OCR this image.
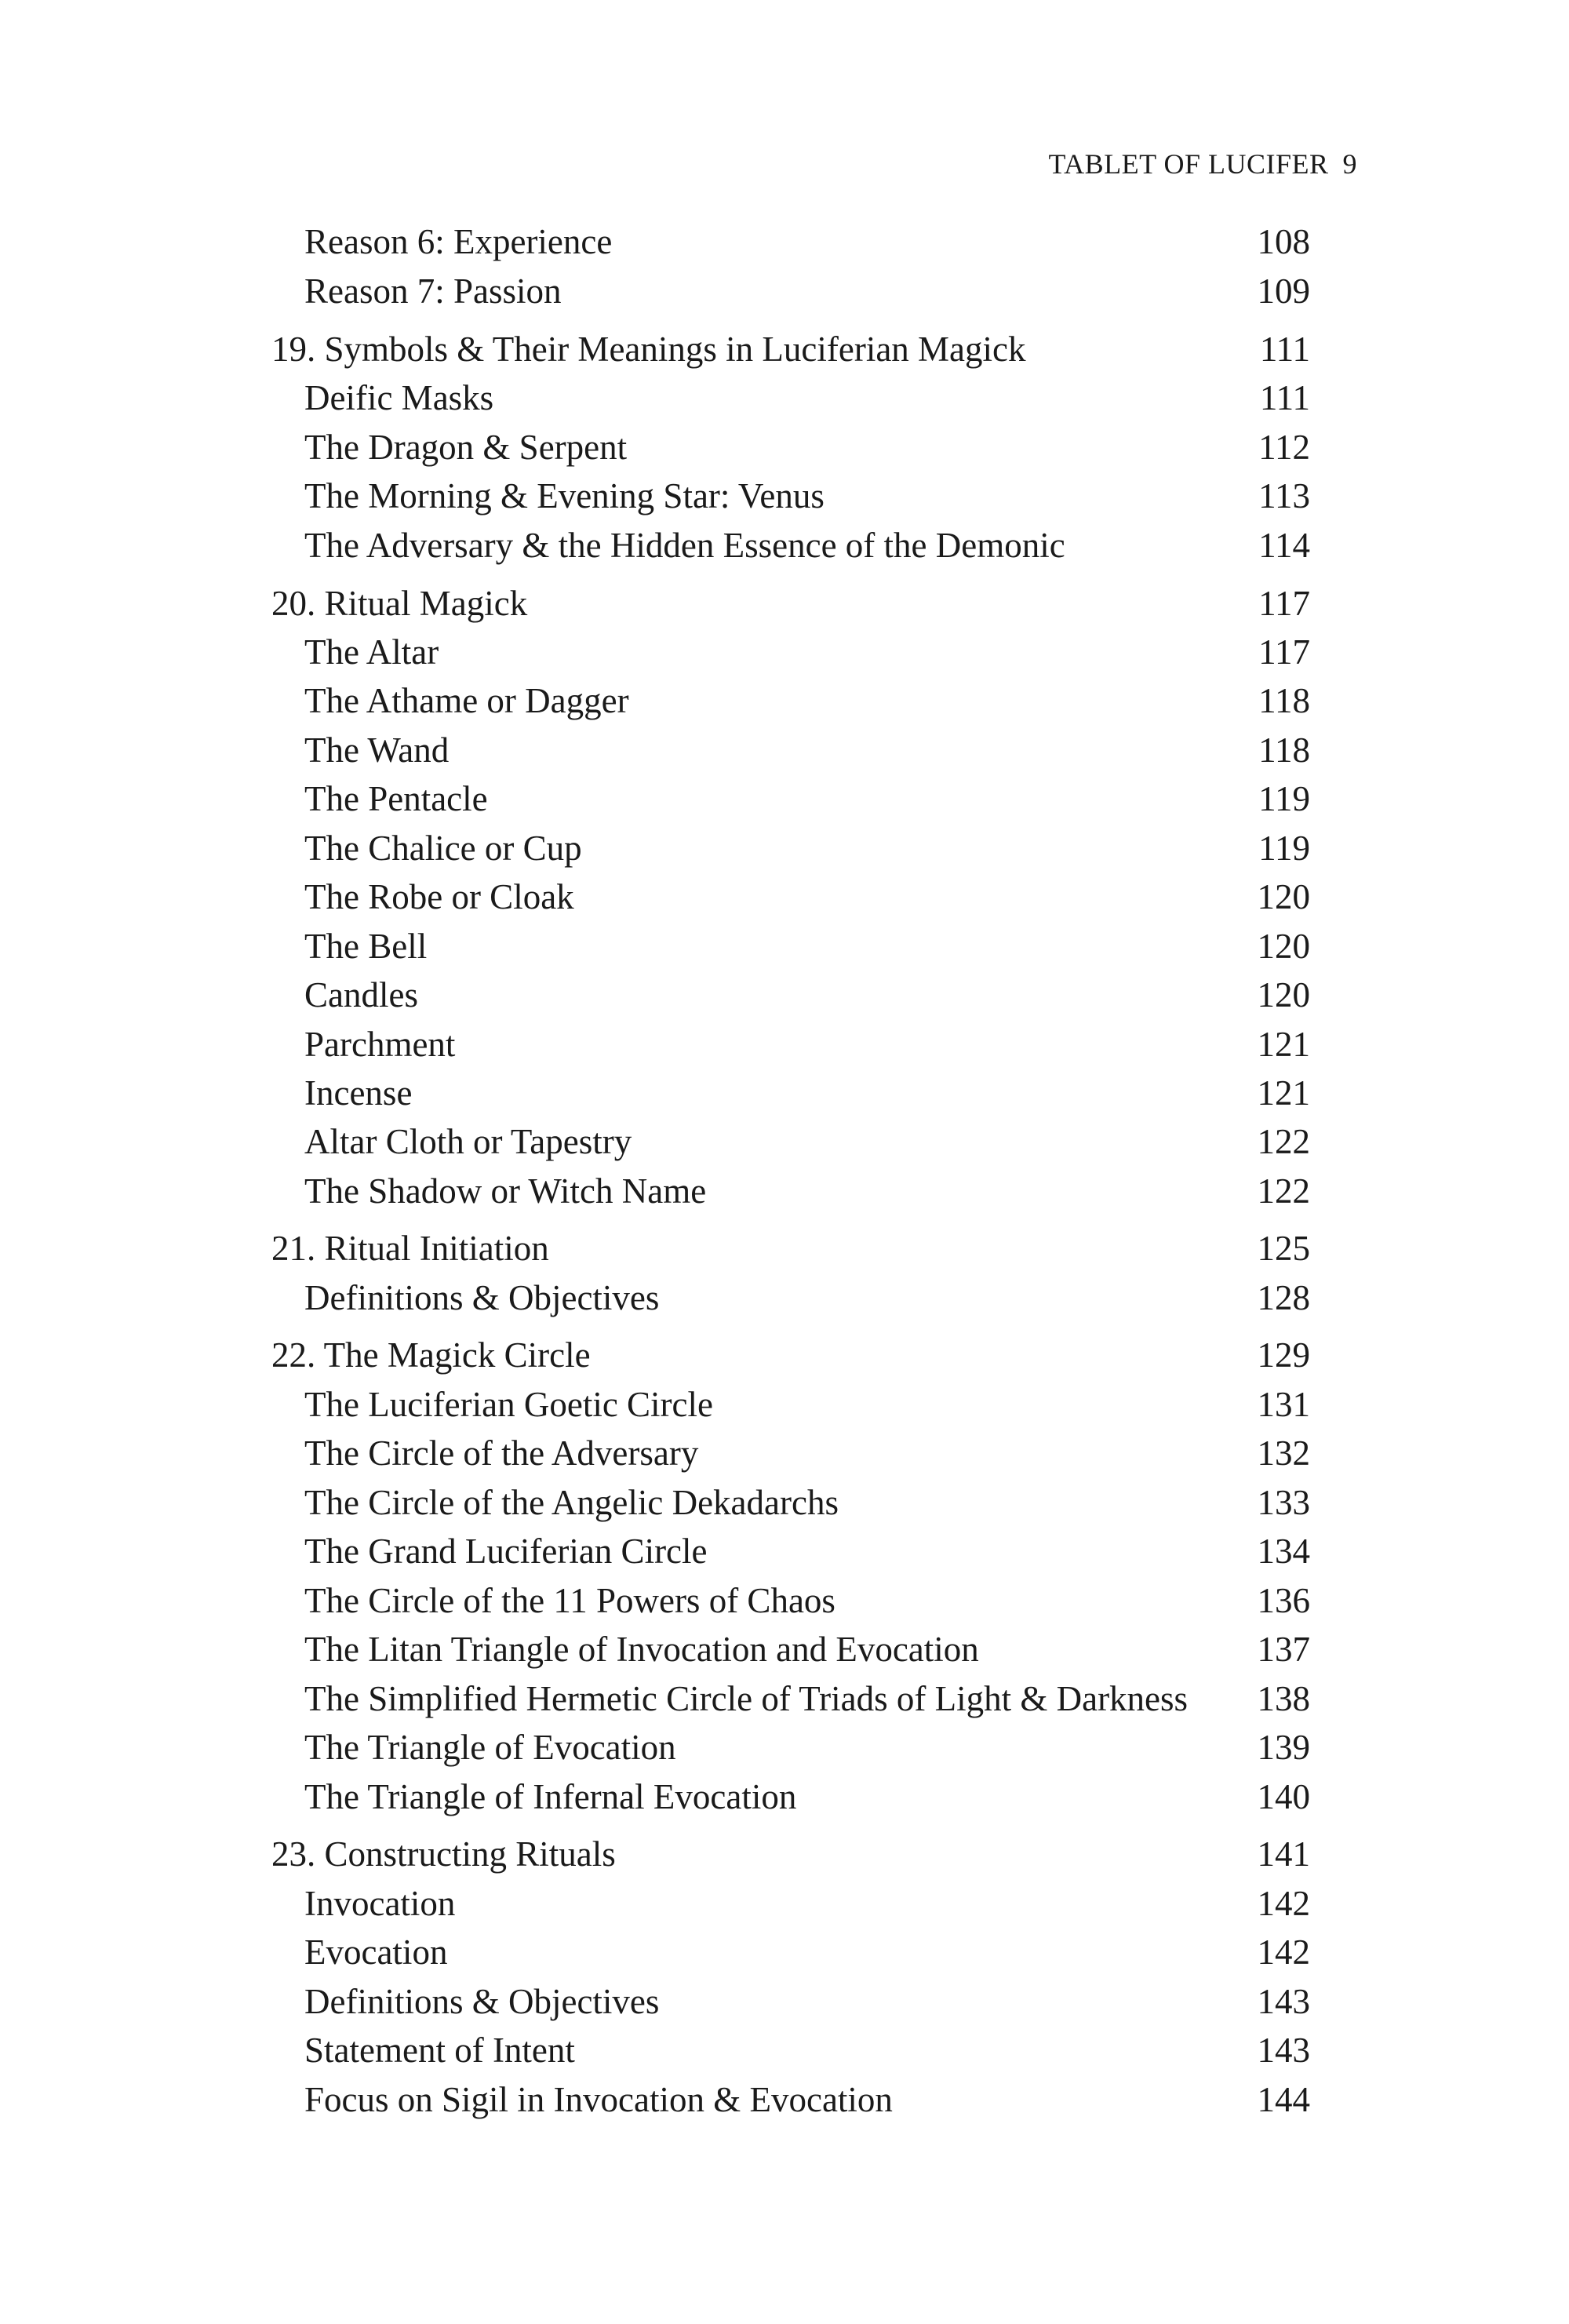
TABLET OF LUCIFER 9
Reason 6: Experience	108
Reason 7: Passion	109
19. Symbols & Their Meanings in Luciferian Magick	111
Deific Masks	111
The Dragon & Serpent	112
The Morning & Evening Star: Venus	113
The Adversary & the Hidden Essence of the Demonic	114
20. Ritual Magick	117
The Altar	117
The Athame or Dagger	118
The Wand	118
The Pentacle	119
The Chalice or Cup	119
The Robe or Cloak	120
The Bell	120
Candles	120
Parchment	121
Incense	121
Altar Cloth or Tapestry	122
The Shadow or Witch Name	122
21. Ritual Initiation	125
Definitions & Objectives	128
22. The Magick Circle	129
The Luciferian Goetic Circle	131
The Circle of the Adversary	132
The Circle of the Angelic Dekadarchs	133
The Grand Luciferian Circle	134
The Circle of the 11 Powers of Chaos	136
The Litan Triangle of Invocation and Evocation	137
The Simplified Hermetic Circle of Triads of Light & Darkness 138
The Triangle of Evocation	139
The Triangle of Infernal Evocation	140
23. Constructing Rituals	141
Invocation	142
Evocation	142
Definitions & Objectives	143
Statement of Intent	143
Focus on Sigil in Invocation & Evocation	144
